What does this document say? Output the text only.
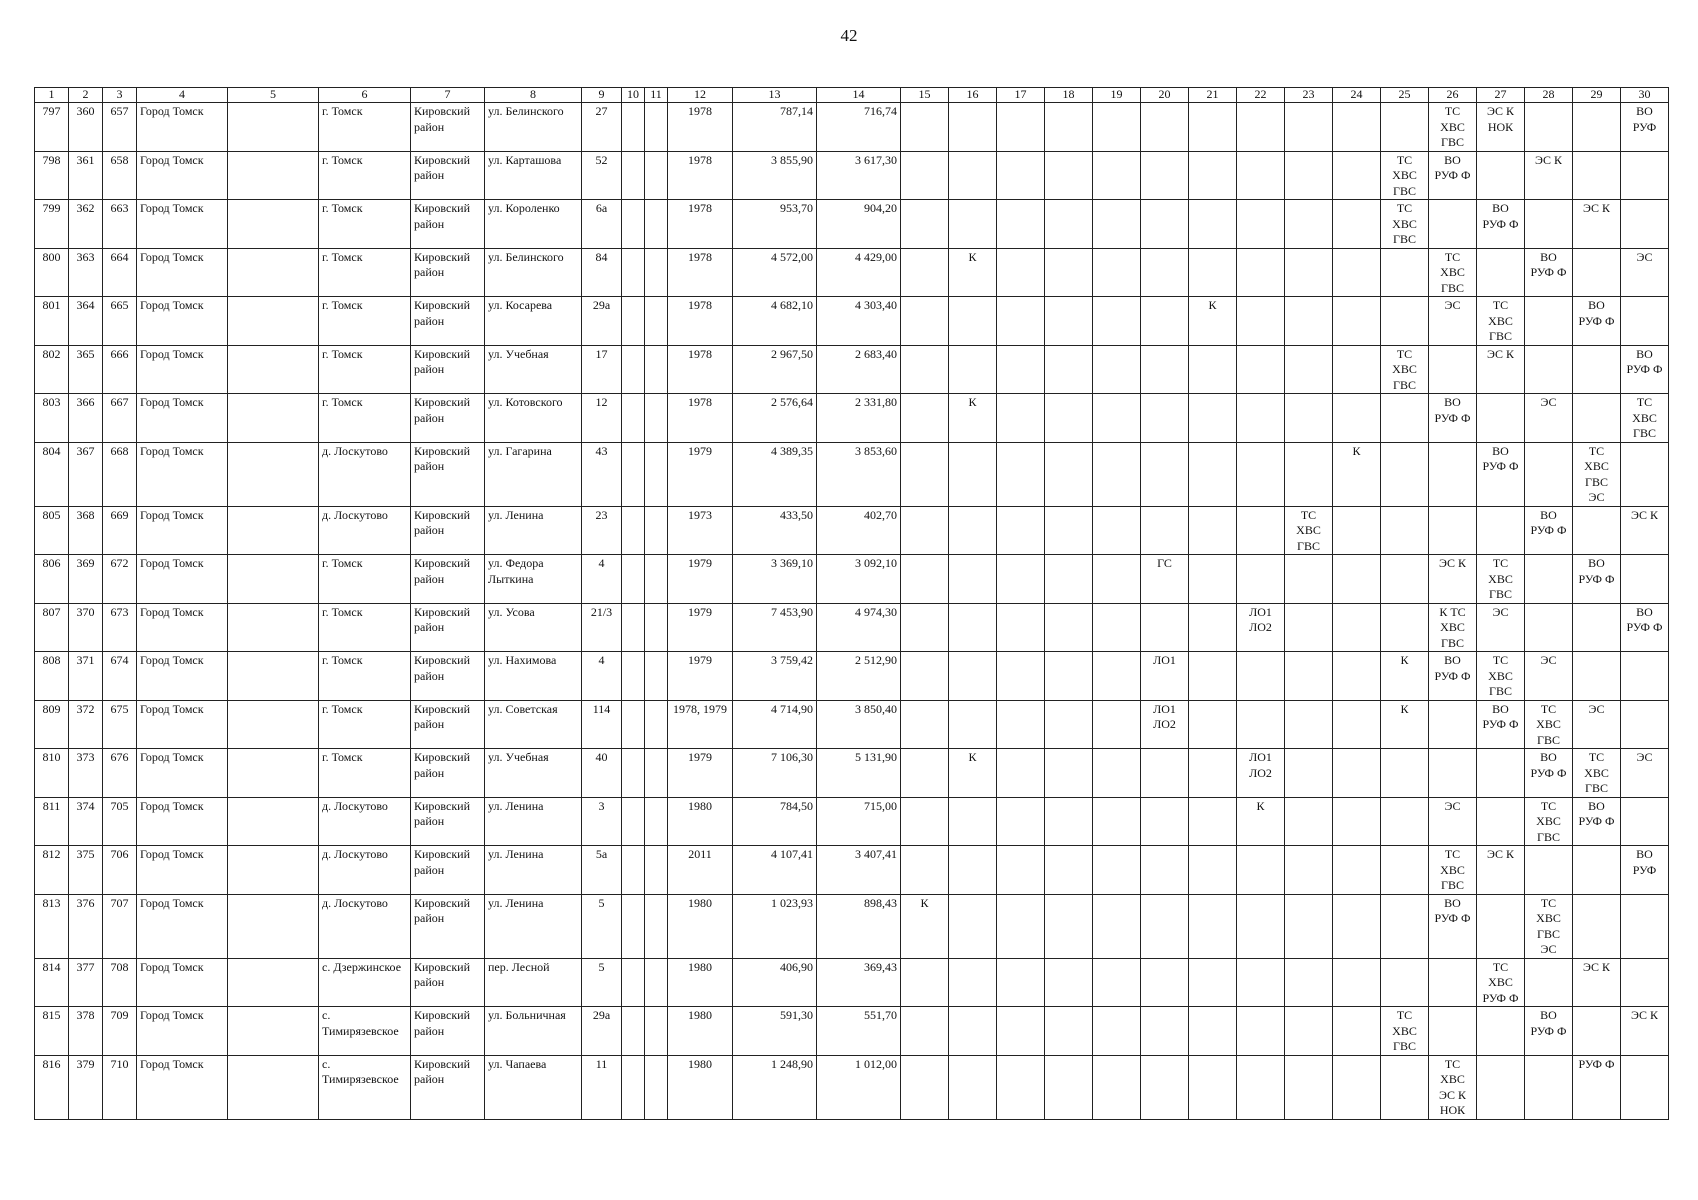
42
1	2	3	4	5	6	7	8	9	10	11	12	13	14	15	16	17	18	19	20	21	22	23	24	25	26	27	28	29	30
797	360	657	Город Томск		г. Томск	Кировский
район	ул. Белинского	27			1978	787,14	716,74												ТС
ХВС
ГВС	ЭС К
НОК			ВО
РУФ
798	361	658	Город Томск		г. Томск	Кировский
район	ул. Карташова	52			1978	3 855,90	3 617,30											ТС
ХВС
ГВС	ВО
РУФ Ф		ЭС К		
799	362	663	Город Томск		г. Томск	Кировский
район	ул. Короленко	6а			1978	953,70	904,20											ТС
ХВС
ГВС		ВО
РУФ Ф		ЭС К	
800	363	664	Город Томск		г. Томск	Кировский
район	ул. Белинского	84			1978	4 572,00	4 429,00		К										ТС
ХВС
ГВС		ВО
РУФ Ф		ЭС
801	364	665	Город Томск		г. Томск	Кировский
район	ул. Косарева	29а			1978	4 682,10	4 303,40							К					ЭС	ТС
ХВС
ГВС		ВО
РУФ Ф	
802	365	666	Город Томск		г. Томск	Кировский
район	ул. Учебная	17			1978	2 967,50	2 683,40											ТС
ХВС
ГВС		ЭС К			ВО
РУФ Ф
803	366	667	Город Томск		г. Томск	Кировский
район	ул. Котовского	12			1978	2 576,64	2 331,80		К										ВО
РУФ Ф		ЭС		ТС
ХВС
ГВС
804	367	668	Город Томск		д. Лоскутово	Кировский
район	ул. Гагарина	43			1979	4 389,35	3 853,60										К			ВО
РУФ Ф		ТС
ХВС
ГВС
ЭС	
805	368	669	Город Томск		д. Лоскутово	Кировский
район	ул. Ленина	23			1973	433,50	402,70									ТС
ХВС
ГВС					ВО
РУФ Ф		ЭС К
806	369	672	Город Томск		г. Томск	Кировский
район	ул. Федора
Лыткина	4			1979	3 369,10	3 092,10						ГС						ЭС К	ТС
ХВС
ГВС		ВО
РУФ Ф	
807	370	673	Город Томск		г. Томск	Кировский
район	ул. Усова	21/3			1979	7 453,90	4 974,30								ЛО1
ЛО2				К ТС
ХВС
ГВС	ЭС			ВО
РУФ Ф
808	371	674	Город Томск		г. Томск	Кировский
район	ул. Нахимова	4			1979	3 759,42	2 512,90						ЛО1					К	ВО
РУФ Ф	ТС
ХВС
ГВС	ЭС		
809	372	675	Город Томск		г. Томск	Кировский
район	ул. Советская	114			1978, 1979	4 714,90	3 850,40						ЛО1
ЛО2					К		ВО
РУФ Ф	ТС
ХВС
ГВС	ЭС	
810	373	676	Город Томск		г. Томск	Кировский
район	ул. Учебная	40			1979	7 106,30	5 131,90		К						ЛО1
ЛО2						ВО
РУФ Ф	ТС
ХВС
ГВС	ЭС
811	374	705	Город Томск		д. Лоскутово	Кировский
район	ул. Ленина	3			1980	784,50	715,00								К				ЭС		ТС
ХВС
ГВС	ВО
РУФ Ф	
812	375	706	Город Томск		д. Лоскутово	Кировский
район	ул. Ленина	5а			2011	4 107,41	3 407,41												ТС
ХВС
ГВС	ЭС К			ВО
РУФ
813	376	707	Город Томск		д. Лоскутово	Кировский
район	ул. Ленина	5			1980	1 023,93	898,43	К											ВО
РУФ Ф		ТС
ХВС
ГВС
ЭС		
814	377	708	Город Томск		с. Дзержинское	Кировский
район	пер. Лесной	5			1980	406,90	369,43													ТС
ХВС
РУФ Ф		ЭС К	
815	378	709	Город Томск		с.
Тимирязевское	Кировский
район	ул. Больничная	29а			1980	591,30	551,70											ТС
ХВС
ГВС			ВО
РУФ Ф		ЭС К
816	379	710	Город Томск		с.
Тимирязевское	Кировский
район	ул. Чапаева	11			1980	1 248,90	1 012,00												ТС
ХВС
ЭС К
НОК			РУФ Ф	
